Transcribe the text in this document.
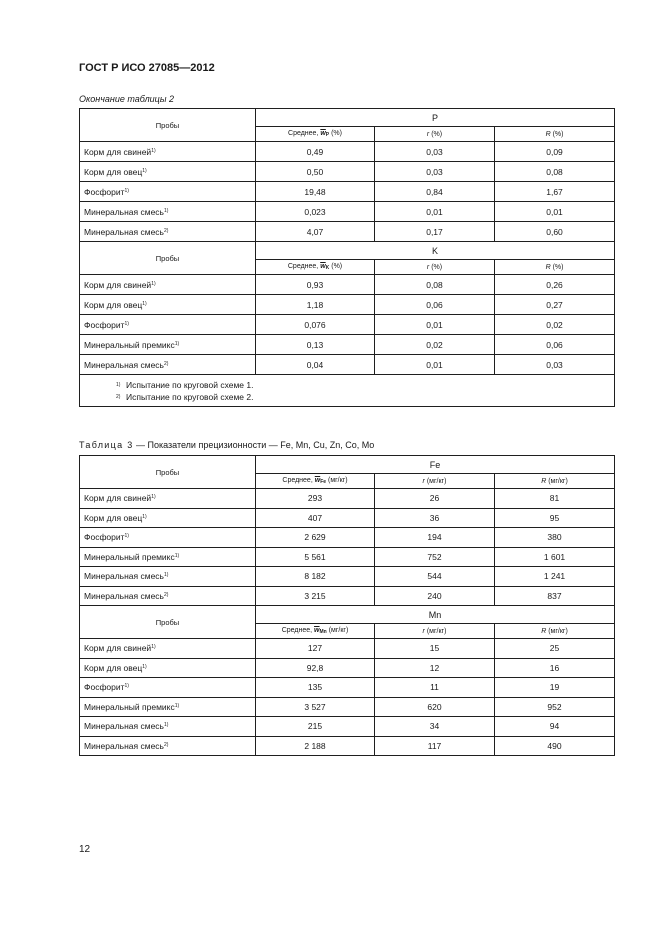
ГОСТ Р ИСО 27085—2012
Окончание таблицы 2
Пробы	P		
	Среднее, $\overline{w}P$ (%)	r (%)	R (%)
Корм для свиней$^{1)}$	0,49	0,03	0,09
Корм для овец$^{1)}$	0,50	0,03	0,08
Фосфорит$^{1)}$	19,48	0,84	1,67
Минеральная смесь$^{1)}$	0,023	0,01	0,01
Минеральная смесь$^{2)}$	4,07	0,17	0,60
Пробы	K		
	Среднее, $\overline{w}K$ (%)	r (%)	R (%)
Корм для свиней$^{1)}$	0,93	0,08	0,26
Корм для овец$^{1)}$	1,18	0,06	0,27
Фосфорит$^{1)}$	0,076	0,01	0,02
Минеральный премикс$^{1)}$	0,13	0,02	0,06
Минеральная смесь$^{2)}$	0,04	0,01	0,03

1) Испытание по круговой схеме 1.
2) Испытание по круговой схеме 2.			
Таблица 3 — Показатели прецизионности — Fe, Mn, Cu, Zn, Co, Mo
Пробы	Fe		
	Среднее, $\overline{w}Fe$ (мг/кг)	r (мг/кг)	R (мг/кг)
Корм для свиней$^{1)}$	293	26	81
Корм для овец$^{1)}$	407	36	95
Фосфорит$^{1)}$	2 629	194	380
Минеральный премикс$^{1)}$	5 561	752	1 601
Минеральная смесь$^{1)}$	8 182	544	1 241
Минеральная смесь$^{2)}$	3 215	240	837
Пробы	Mn		
	Среднее, $\overline{w}Mn$ (мг/кг)	r (мг/кг)	R (мг/кг)
Корм для свиней$^{1)}$	127	15	25
Корм для овец$^{1)}$	92,8	12	16
Фосфорит$^{1)}$	135	11	19
Минеральный премикс$^{1)}$	3 527	620	952
Минеральная смесь$^{1)}$	215	34	94
Минеральная смесь$^{2)}$	2 188	117	490
12
